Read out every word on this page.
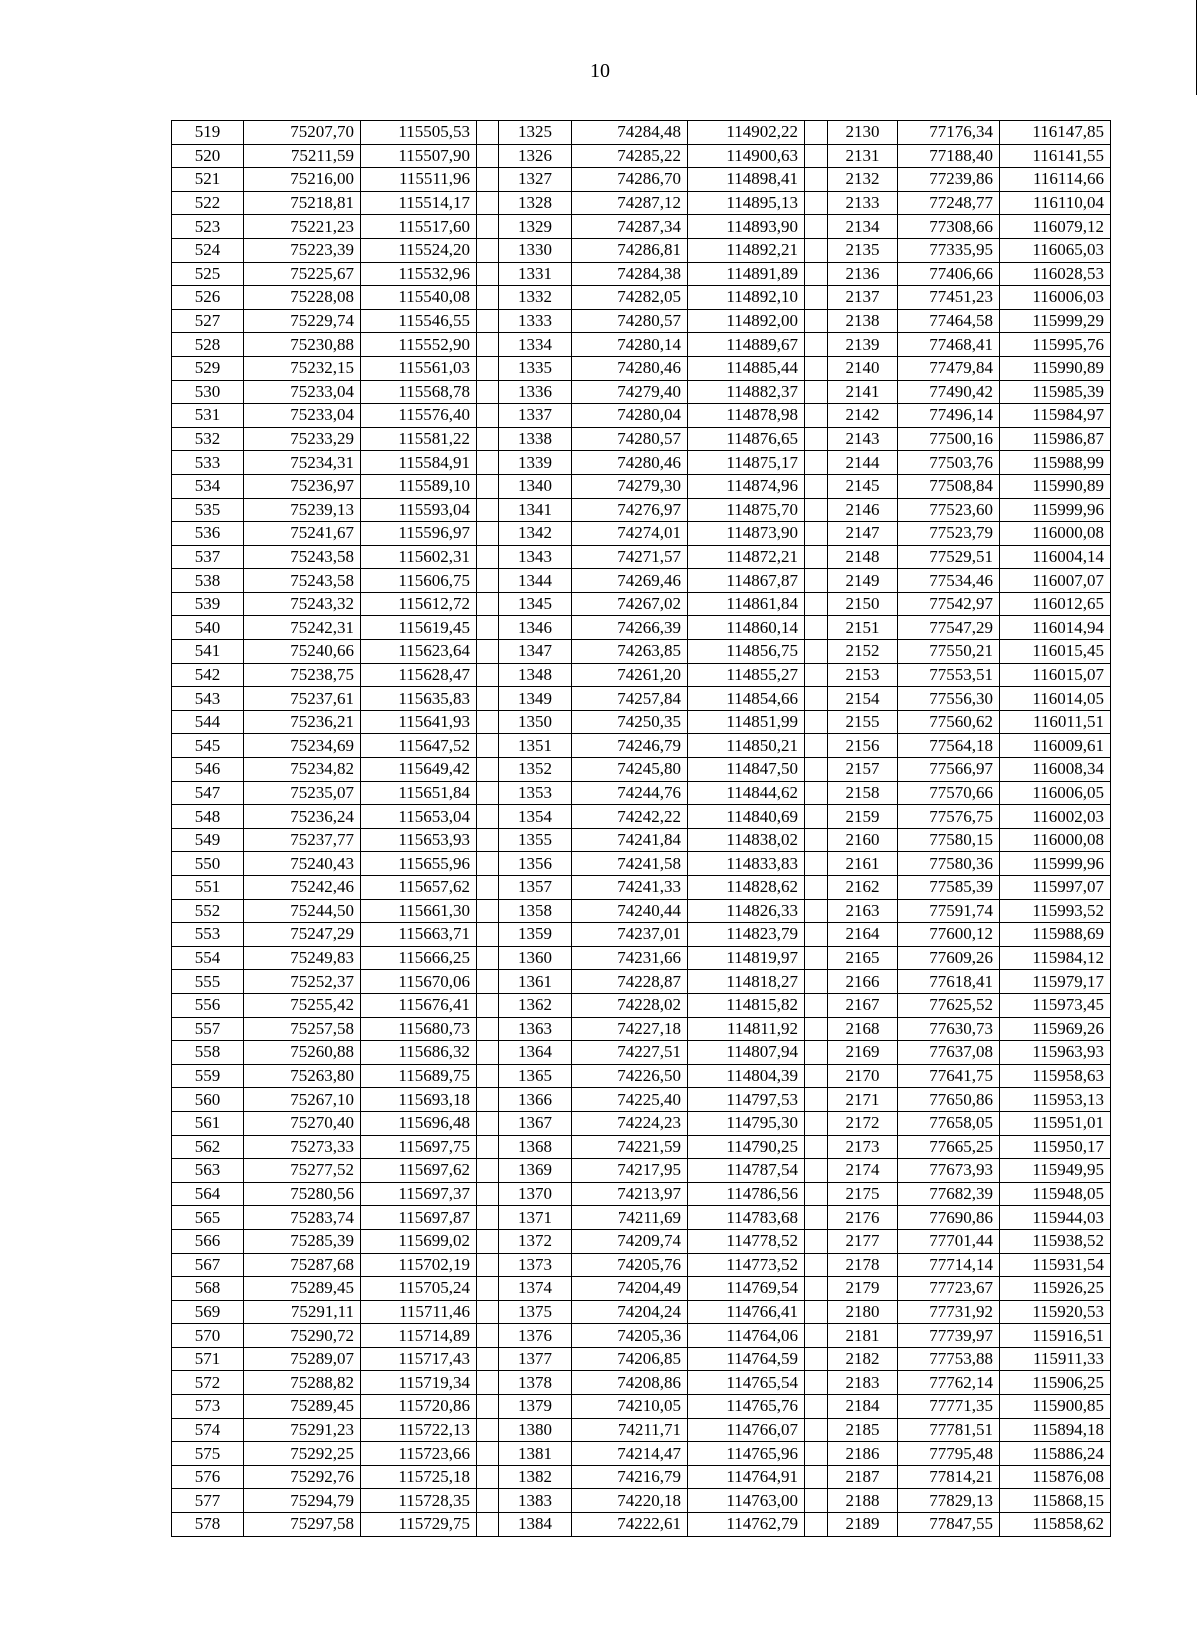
10
519	75207,70	115505,53		1325	74284,48	114902,22		2130	77176,34	116147,85
520	75211,59	115507,90		1326	74285,22	114900,63		2131	77188,40	116141,55
521	75216,00	115511,96		1327	74286,70	114898,41		2132	77239,86	116114,66
522	75218,81	115514,17		1328	74287,12	114895,13		2133	77248,77	116110,04
523	75221,23	115517,60		1329	74287,34	114893,90		2134	77308,66	116079,12
524	75223,39	115524,20		1330	74286,81	114892,21		2135	77335,95	116065,03
525	75225,67	115532,96		1331	74284,38	114891,89		2136	77406,66	116028,53
526	75228,08	115540,08		1332	74282,05	114892,10		2137	77451,23	116006,03
527	75229,74	115546,55		1333	74280,57	114892,00		2138	77464,58	115999,29
528	75230,88	115552,90		1334	74280,14	114889,67		2139	77468,41	115995,76
529	75232,15	115561,03		1335	74280,46	114885,44		2140	77479,84	115990,89
530	75233,04	115568,78		1336	74279,40	114882,37		2141	77490,42	115985,39
531	75233,04	115576,40		1337	74280,04	114878,98		2142	77496,14	115984,97
532	75233,29	115581,22		1338	74280,57	114876,65		2143	77500,16	115986,87
533	75234,31	115584,91		1339	74280,46	114875,17		2144	77503,76	115988,99
534	75236,97	115589,10		1340	74279,30	114874,96		2145	77508,84	115990,89
535	75239,13	115593,04		1341	74276,97	114875,70		2146	77523,60	115999,96
536	75241,67	115596,97		1342	74274,01	114873,90		2147	77523,79	116000,08
537	75243,58	115602,31		1343	74271,57	114872,21		2148	77529,51	116004,14
538	75243,58	115606,75		1344	74269,46	114867,87		2149	77534,46	116007,07
539	75243,32	115612,72		1345	74267,02	114861,84		2150	77542,97	116012,65
540	75242,31	115619,45		1346	74266,39	114860,14		2151	77547,29	116014,94
541	75240,66	115623,64		1347	74263,85	114856,75		2152	77550,21	116015,45
542	75238,75	115628,47		1348	74261,20	114855,27		2153	77553,51	116015,07
543	75237,61	115635,83		1349	74257,84	114854,66		2154	77556,30	116014,05
544	75236,21	115641,93		1350	74250,35	114851,99		2155	77560,62	116011,51
545	75234,69	115647,52		1351	74246,79	114850,21		2156	77564,18	116009,61
546	75234,82	115649,42		1352	74245,80	114847,50		2157	77566,97	116008,34
547	75235,07	115651,84		1353	74244,76	114844,62		2158	77570,66	116006,05
548	75236,24	115653,04		1354	74242,22	114840,69		2159	77576,75	116002,03
549	75237,77	115653,93		1355	74241,84	114838,02		2160	77580,15	116000,08
550	75240,43	115655,96		1356	74241,58	114833,83		2161	77580,36	115999,96
551	75242,46	115657,62		1357	74241,33	114828,62		2162	77585,39	115997,07
552	75244,50	115661,30		1358	74240,44	114826,33		2163	77591,74	115993,52
553	75247,29	115663,71		1359	74237,01	114823,79		2164	77600,12	115988,69
554	75249,83	115666,25		1360	74231,66	114819,97		2165	77609,26	115984,12
555	75252,37	115670,06		1361	74228,87	114818,27		2166	77618,41	115979,17
556	75255,42	115676,41		1362	74228,02	114815,82		2167	77625,52	115973,45
557	75257,58	115680,73		1363	74227,18	114811,92		2168	77630,73	115969,26
558	75260,88	115686,32		1364	74227,51	114807,94		2169	77637,08	115963,93
559	75263,80	115689,75		1365	74226,50	114804,39		2170	77641,75	115958,63
560	75267,10	115693,18		1366	74225,40	114797,53		2171	77650,86	115953,13
561	75270,40	115696,48		1367	74224,23	114795,30		2172	77658,05	115951,01
562	75273,33	115697,75		1368	74221,59	114790,25		2173	77665,25	115950,17
563	75277,52	115697,62		1369	74217,95	114787,54		2174	77673,93	115949,95
564	75280,56	115697,37		1370	74213,97	114786,56		2175	77682,39	115948,05
565	75283,74	115697,87		1371	74211,69	114783,68		2176	77690,86	115944,03
566	75285,39	115699,02		1372	74209,74	114778,52		2177	77701,44	115938,52
567	75287,68	115702,19		1373	74205,76	114773,52		2178	77714,14	115931,54
568	75289,45	115705,24		1374	74204,49	114769,54		2179	77723,67	115926,25
569	75291,11	115711,46		1375	74204,24	114766,41		2180	77731,92	115920,53
570	75290,72	115714,89		1376	74205,36	114764,06		2181	77739,97	115916,51
571	75289,07	115717,43		1377	74206,85	114764,59		2182	77753,88	115911,33
572	75288,82	115719,34		1378	74208,86	114765,54		2183	77762,14	115906,25
573	75289,45	115720,86		1379	74210,05	114765,76		2184	77771,35	115900,85
574	75291,23	115722,13		1380	74211,71	114766,07		2185	77781,51	115894,18
575	75292,25	115723,66		1381	74214,47	114765,96		2186	77795,48	115886,24
576	75292,76	115725,18		1382	74216,79	114764,91		2187	77814,21	115876,08
577	75294,79	115728,35		1383	74220,18	114763,00		2188	77829,13	115868,15
578	75297,58	115729,75		1384	74222,61	114762,79		2189	77847,55	115858,62
